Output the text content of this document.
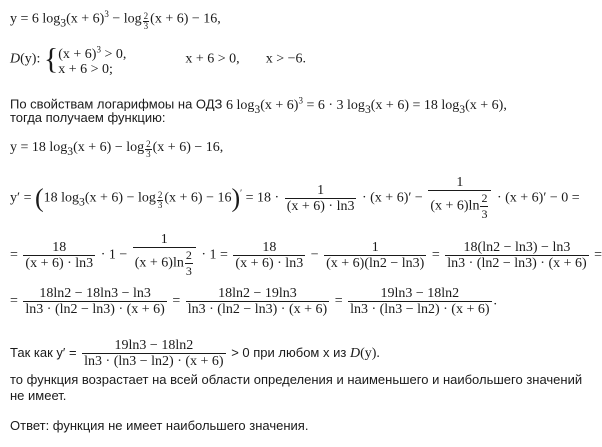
y = 6 $\log_3(x + 6)^3 - \log \frac{2}{3} (x + 6) - 16$,
D(y): {$(x + 6)^3 > 0$,
x + 6 > 0;  x + 6 > 0, x > −6.
По свойствам логарифмоы на ОДЗ 6 $\log_3(x + 6)^3 = 6 \cdot 3$ $\log_3(x + 6) = 18$ $\log_3(x + 6)$,
тогда получаем функцию:
y = 18 $\log_3(x + 6) - \log \frac{2}{3} (x + 6) - 16$,
y′ = (18 $\log_3(x + 6) - \log \frac{2}{3} (x + 6) - 16)' = 18 \cdot \frac{1}{(x + 6) \cdot \ln 3} \cdot (x + 6)' - \frac{1}{(x + 6)\ln \frac{2}{3}} \cdot (x + 6)' - 0$ =
= $\frac{18}{(x + 6) \cdot \ln 3} \cdot 1 - \frac{1}{(x + 6)\ln \frac{2}{3}} \cdot 1 = \frac{18}{(x + 6) \cdot \ln 3} - \frac{1}{(x + 6)(\ln 2 - \ln 3)} = \frac{18(\ln 2 - \ln 3) - \ln 3}{\ln 3 \cdot (\ln 2 - \ln 3) \cdot (x + 6)}$ =
= $\frac{18\ln 2 - 18\ln 3 - \ln 3}{\ln 3 \cdot (\ln 2 - \ln 3) \cdot (x + 6)} = \frac{18\ln 2 - 19\ln 3}{\ln 3 \cdot (\ln 2 - \ln 3) \cdot (x + 6)} = \frac{19\ln 3 - 18\ln 2}{\ln 3 \cdot (\ln 3 - \ln 2) \cdot (x + 6)}$ .
Так как $y' = \frac{19\ln 3 - 18\ln 2}{\ln 3 \cdot (\ln 3 - \ln 2) \cdot (x + 6)} > 0$ при любом x из D(y).
то функция возрастает на всей области определения и наименьшего и наибольшего значений
не имеет.
Ответ: функция не имеет наибольшего значения.
